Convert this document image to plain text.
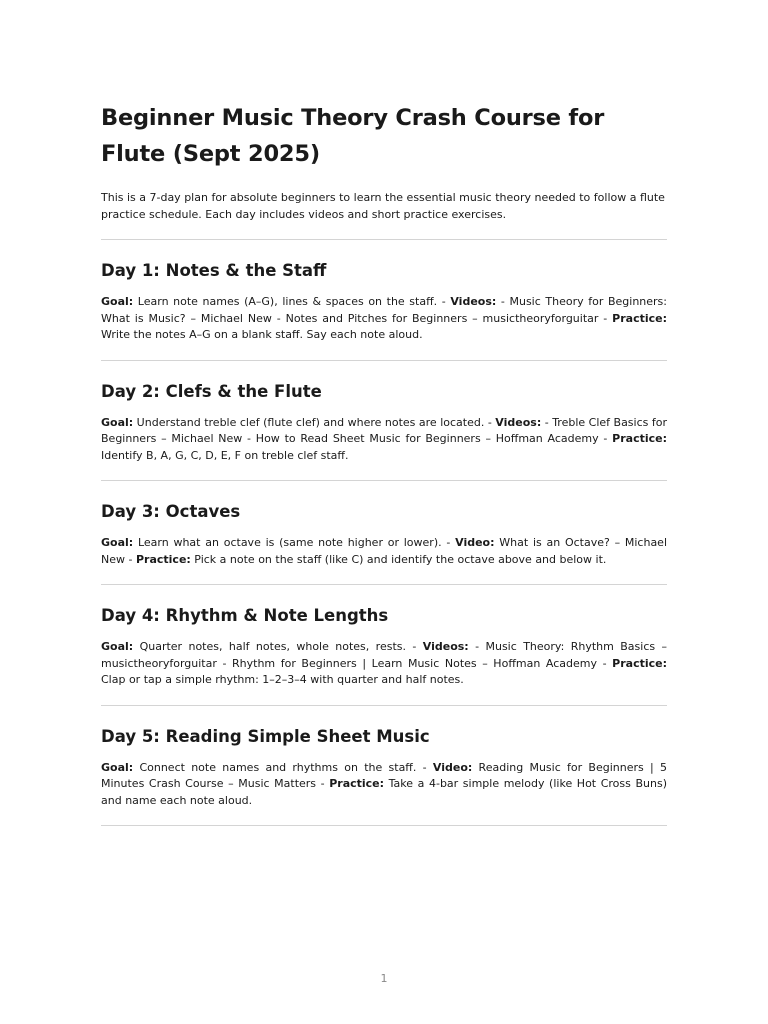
Beginner Music Theory Crash Course for Flute (Sept 2025)

This is a 7-day plan for absolute beginners to learn the essential music theory needed to follow a flute practice schedule. Each day includes videos and short practice exercises.

Day 1: Notes & the Staff

Goal: Learn note names (A–G), lines & spaces on the staff. - Videos: - Music Theory for Beginners: What is Music? – Michael New - Notes and Pitches for Beginners – musictheoryforguitar - Practice: Write the notes A–G on a blank staff. Say each note aloud.

Day 2: Clefs & the Flute

Goal: Understand treble clef (flute clef) and where notes are located. - Videos: - Treble Clef Basics for Beginners – Michael New - How to Read Sheet Music for Beginners – Hoffman Academy - Practice: Identify B, A, G, C, D, E, F on treble clef staff.

Day 3: Octaves

Goal: Learn what an octave is (same note higher or lower). - Video: What is an Octave? – Michael New - Practice: Pick a note on the staff (like C) and identify the octave above and below it.

Day 4: Rhythm & Note Lengths

Goal: Quarter notes, half notes, whole notes, rests. - Videos: - Music Theory: Rhythm Basics – musictheoryforguitar - Rhythm for Beginners | Learn Music Notes – Hoffman Academy - Practice: Clap or tap a simple rhythm: 1–2–3–4 with quarter and half notes.

Day 5: Reading Simple Sheet Music

Goal: Connect note names and rhythms on the staff. - Video: Reading Music for Beginners | 5 Minutes Crash Course – Music Matters - Practice: Take a 4-bar simple melody (like Hot Cross Buns) and name each note aloud.

1
